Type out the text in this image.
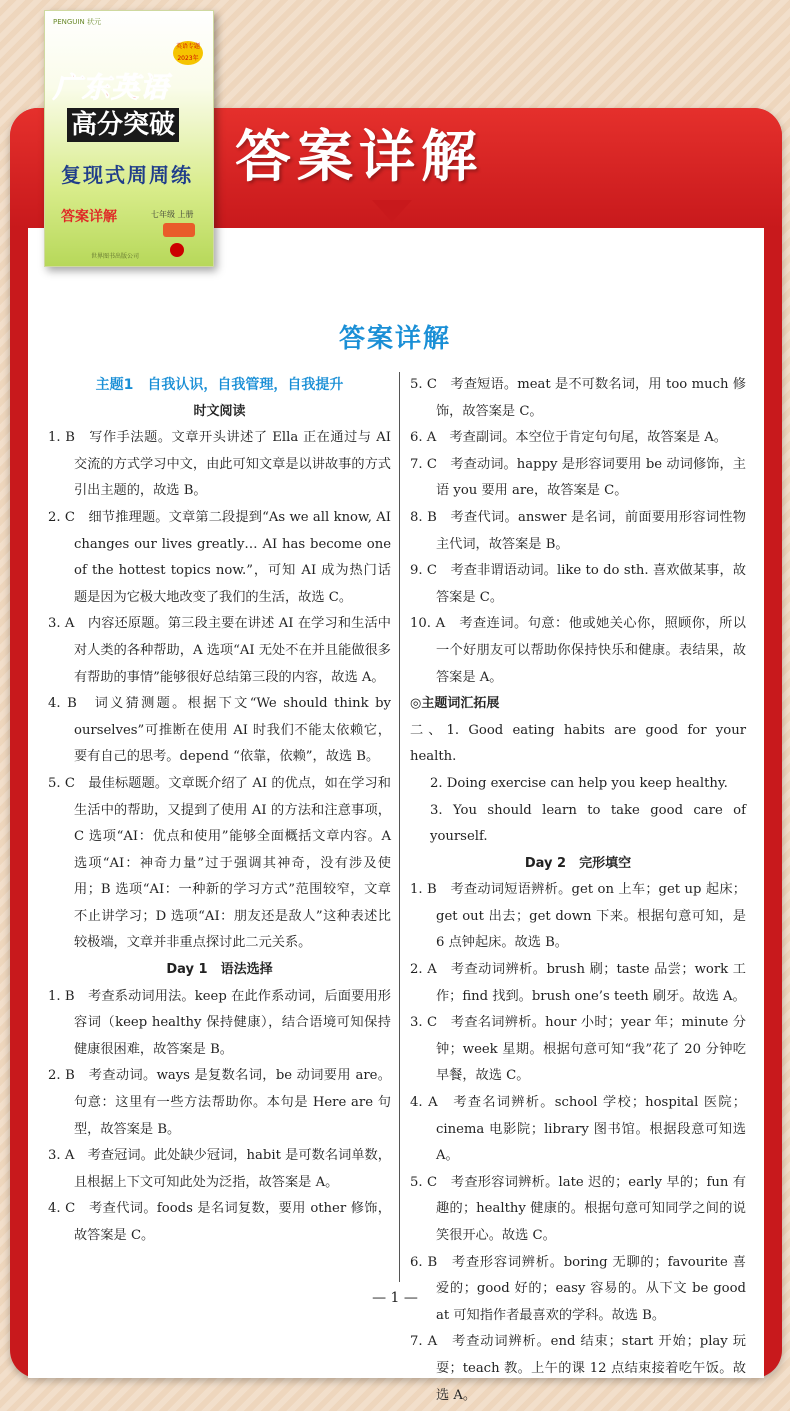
答案详解
PENGUIN 状元
英语专题 2023年
广东英语
高分突破
复现式周周练
答案详解	七年级 上册
世界图书出版公司
答案详解

主题1　自我认识，自我管理，自我提升

时文阅读

1. B　写作手法题。文章开头讲述了 Ella 正在通过与 AI 交流的方式学习中文，由此可知文章是以讲故事的方式引出主题的，故选 B。

2. C　细节推理题。文章第二段提到“As we all know, AI changes our lives greatly… AI has become one of the hottest topics now.”，可知 AI 成为热门话题是因为它极大地改变了我们的生活，故选 C。

3. A　内容还原题。第三段主要在讲述 AI 在学习和生活中对人类的各种帮助，A 选项“AI 无处不在并且能做很多有帮助的事情”能够很好总结第三段的内容，故选 A。

4. B　词义猜测题。根据下文“We should think by ourselves”可推断在使用 AI 时我们不能太依赖它，要有自己的思考。depend “依靠，依赖”，故选 B。

5. C　最佳标题题。文章既介绍了 AI 的优点，如在学习和生活中的帮助，又提到了使用 AI 的方法和注意事项，C 选项“AI：优点和使用”能够全面概括文章内容。A 选项“AI：神奇力量”过于强调其神奇，没有涉及使用；B 选项“AI：一种新的学习方式”范围较窄，文章不止讲学习；D 选项“AI：朋友还是敌人”这种表述比较极端，文章并非重点探讨此二元关系。

Day 1　语法选择

1. B　考查系动词用法。keep 在此作系动词，后面要用形容词（keep healthy 保持健康），结合语境可知保持健康很困难，故答案是 B。

2. B　考查动词。ways 是复数名词，be 动词要用 are。句意：这里有一些方法帮助你。本句是 Here are 句型，故答案是 B。

3. A　考查冠词。此处缺少冠词，habit 是可数名词单数，且根据上下文可知此处为泛指，故答案是 A。

4. C　考查代词。foods 是名词复数，要用 other 修饰，故答案是 C。

5. C　考查短语。meat 是不可数名词，用 too much 修饰，故答案是 C。

6. A　考查副词。本空位于肯定句句尾，故答案是 A。

7. C　考查动词。happy 是形容词要用 be 动词修饰，主语 you 要用 are，故答案是 C。

8. B　考查代词。answer 是名词，前面要用形容词性物主代词，故答案是 B。

9. C　考查非谓语动词。like to do sth. 喜欢做某事，故答案是 C。

10. A　考查连词。句意：他或她关心你，照顾你，所以一个好朋友可以帮助你保持快乐和健康。表结果，故答案是 A。

◎主题词汇拓展

二、1. Good eating habits are good for your health.

2. Doing exercise can help you keep healthy.

3. You should learn to take good care of yourself.

Day 2　完形填空

1. B　考查动词短语辨析。get on 上车；get up 起床；get out 出去；get down 下来。根据句意可知，是 6 点钟起床。故选 B。

2. A　考查动词辨析。brush 刷；taste 品尝；work 工作；find 找到。brush one’s teeth 刷牙。故选 A。

3. C　考查名词辨析。hour 小时；year 年；minute 分钟；week 星期。根据句意可知“我”花了 20 分钟吃早餐，故选 C。

4. A　考查名词辨析。school 学校；hospital 医院；cinema 电影院；library 图书馆。根据段意可知选 A。

5. C　考查形容词辨析。late 迟的；early 早的；fun 有趣的；healthy 健康的。根据句意可知同学之间的说笑很开心。故选 C。

6. B　考查形容词辨析。boring 无聊的；favourite 喜爱的；good 好的；easy 容易的。从下文 be good at 可知指作者最喜欢的学科。故选 B。

7. A　考查动词辨析。end 结束；start 开始；play 玩耍；teach 教。上午的课 12 点结束接着吃午饭。故选 A。

— 1 —
